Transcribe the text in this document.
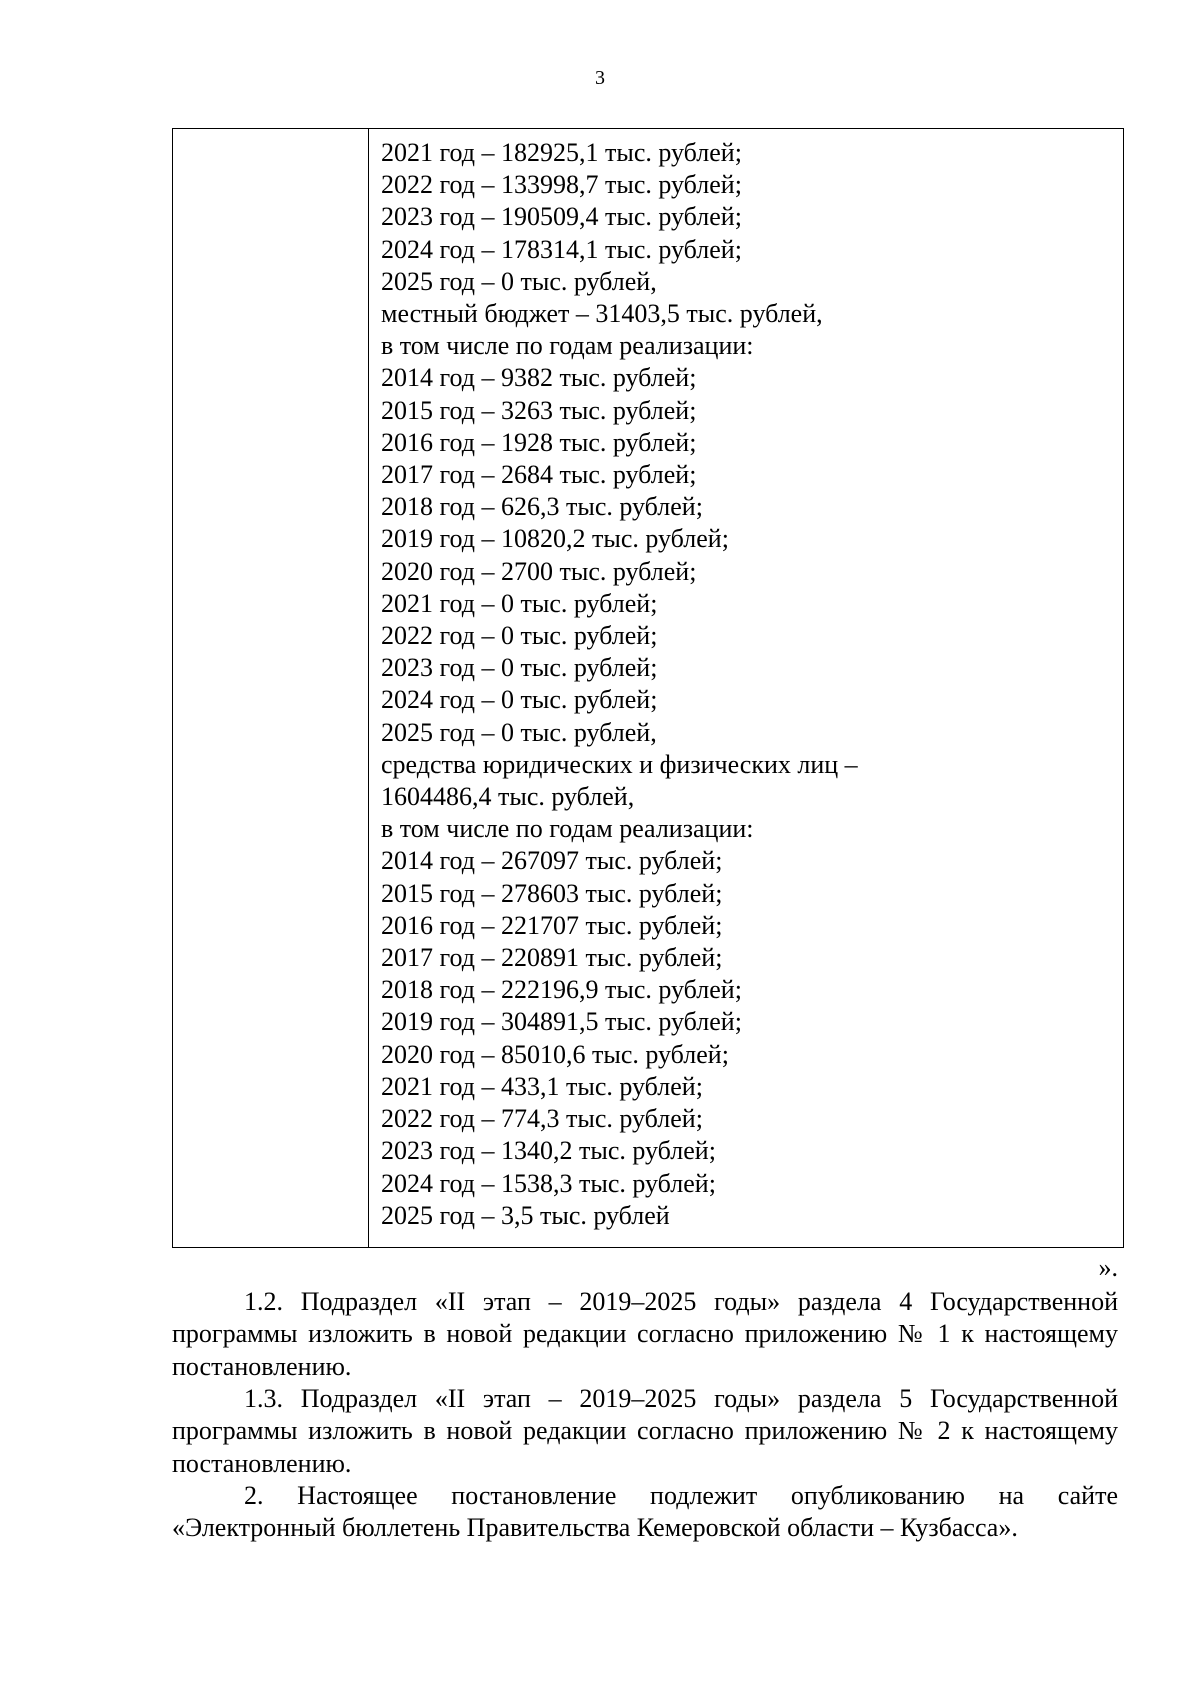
3

2021 год – 182925,1 тыс. рублей;
2022 год – 133998,7 тыс. рублей;
2023 год – 190509,4 тыс. рублей;
2024 год – 178314,1 тыс. рублей;
2025 год – 0 тыс. рублей,
местный бюджет – 31403,5 тыс. рублей,
в том числе по годам реализации:
2014 год – 9382 тыс. рублей;
2015 год – 3263 тыс. рублей;
2016 год – 1928 тыс. рублей;
2017 год – 2684 тыс. рублей;
2018 год – 626,3 тыс. рублей;
2019 год – 10820,2 тыс. рублей;
2020 год – 2700 тыс. рублей;
2021 год – 0 тыс. рублей;
2022 год – 0 тыс. рублей;
2023 год – 0 тыс. рублей;
2024 год – 0 тыс. рублей;
2025 год – 0 тыс. рублей,
средства юридических и физических лиц –
1604486,4 тыс. рублей,
в том числе по годам реализации:
2014 год – 267097 тыс. рублей;
2015 год – 278603 тыс. рублей;
2016 год – 221707 тыс. рублей;
2017 год – 220891 тыс. рублей;
2018 год – 222196,9 тыс. рублей;
2019 год – 304891,5 тыс. рублей;
2020 год – 85010,6 тыс. рублей;
2021 год – 433,1 тыс. рублей;
2022 год – 774,3 тыс. рублей;
2023 год – 1340,2 тыс. рублей;
2024 год – 1538,3 тыс. рублей;
2025 год – 3,5 тыс. рублей
».

1.2. Подраздел «II этап – 2019–2025 годы» раздела 4 Государственной программы изложить в новой редакции согласно приложению № 1 к настоящему постановлению.

1.3. Подраздел «II этап – 2019–2025 годы» раздела 5 Государственной программы изложить в новой редакции согласно приложению № 2 к настоящему постановлению.

2. Настоящее постановление подлежит опубликованию на сайте «Электронный бюллетень Правительства Кемеровской области – Кузбасса».
